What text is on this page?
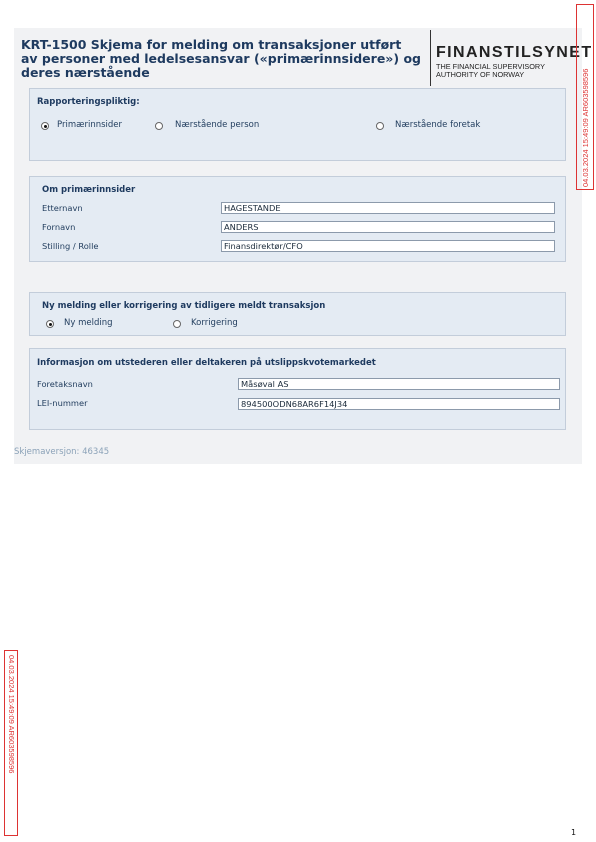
KRT-1500 Skjema for melding om transaksjoner utført av personer med ledelsesansvar («primærinnsidere») og deres nærstående
FINANSTILSYNET
THE FINANCIAL SUPERVISORY
AUTHORITY OF NORWAY
Rapporteringspliktig:
Primærinnsider	Nærstående person	Nærstående foretak
Om primærinnsider
Etternavn	HAGESTANDE
Fornavn	ANDERS
Stilling / Rolle	Finansdirektør/CFO
Ny melding eller korrigering av tidligere meldt transaksjon
Ny melding	Korrigering
Informasjon om utstederen eller deltakeren på utslippskvotemarkedet
Foretaksnavn	Måsøval AS
LEI-nummer	894500ODN68AR6F14J34
Skjemaversjon: 46345
04.03.2024 15:49:09 AR6035985​96
04.03.2024 15:49:09 AR6035985​96
1
